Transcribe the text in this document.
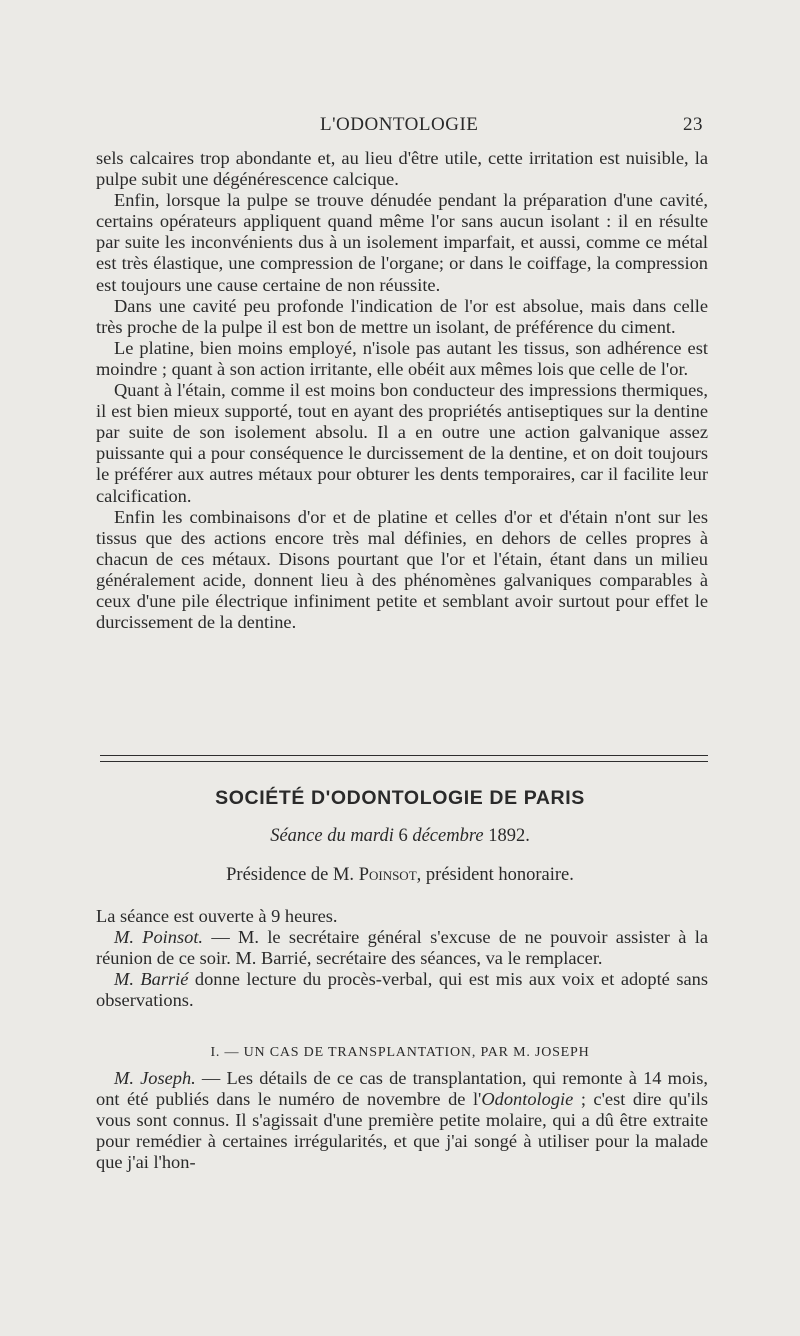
L'ODONTOLOGIE	23

sels calcaires trop abondante et, au lieu d'être utile, cette irritation est nuisible, la pulpe subit une dégénérescence calcique.

Enfin, lorsque la pulpe se trouve dénudée pendant la préparation d'une cavité, certains opérateurs appliquent quand même l'or sans aucun isolant : il en résulte par suite les inconvénients dus à un isolement imparfait, et aussi, comme ce métal est très élastique, une compression de l'organe; or dans le coiffage, la compression est toujours une cause certaine de non réussite.

Dans une cavité peu profonde l'indication de l'or est absolue, mais dans celle très proche de la pulpe il est bon de mettre un isolant, de préférence du ciment.

Le platine, bien moins employé, n'isole pas autant les tissus, son adhérence est moindre ; quant à son action irritante, elle obéit aux mêmes lois que celle de l'or.

Quant à l'étain, comme il est moins bon conducteur des impressions thermiques, il est bien mieux supporté, tout en ayant des propriétés antiseptiques sur la dentine par suite de son isolement absolu. Il a en outre une action galvanique assez puissante qui a pour conséquence le durcissement de la dentine, et on doit toujours le préférer aux autres métaux pour obturer les dents temporaires, car il facilite leur calcification.

Enfin les combinaisons d'or et de platine et celles d'or et d'étain n'ont sur les tissus que des actions encore très mal définies, en dehors de celles propres à chacun de ces métaux. Disons pourtant que l'or et l'étain, étant dans un milieu généralement acide, donnent lieu à des phénomènes galvaniques comparables à ceux d'une pile électrique infiniment petite et semblant avoir surtout pour effet le durcissement de la dentine.

SOCIÉTÉ D'ODONTOLOGIE DE PARIS
Séance du mardi 6 décembre 1892.
Présidence de M. Poinsot, président honoraire.

La séance est ouverte à 9 heures.

M. Poinsot. — M. le secrétaire général s'excuse de ne pouvoir assister à la réunion de ce soir. M. Barrié, secrétaire des séances, va le remplacer.

M. Barrié donne lecture du procès-verbal, qui est mis aux voix et adopté sans observations.

I. — UN CAS DE TRANSPLANTATION, PAR M. JOSEPH

M. Joseph. — Les détails de ce cas de transplantation, qui remonte à 14 mois, ont été publiés dans le numéro de novembre de l'Odontologie ; c'est dire qu'ils vous sont connus. Il s'agissait d'une première petite molaire, qui a dû être extraite pour remédier à certaines irrégularités, et que j'ai songé à utiliser pour la malade que j'ai l'hon-
